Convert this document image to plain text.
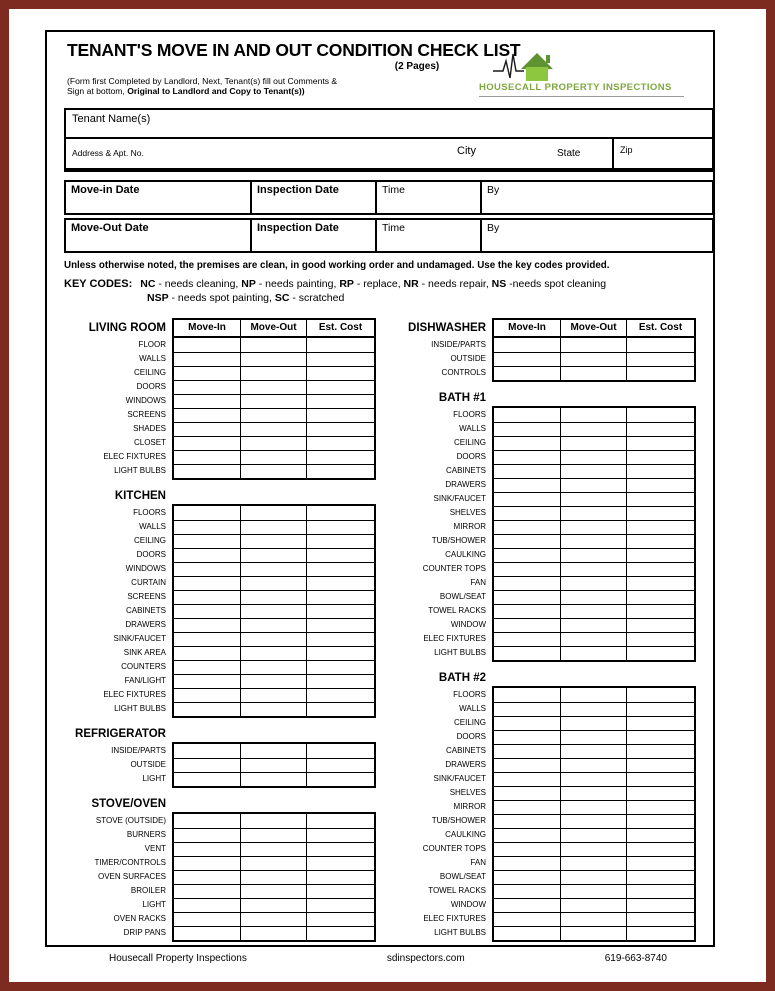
TENANT'S MOVE IN AND OUT CONDITION CHECK LIST
(2 Pages)
(Form first Completed by Landlord, Next, Tenant(s) fill out Comments &
Sign at bottom, Original to Landlord and Copy to Tenant(s))	HOUSECALL PROPERTY INSPECTIONS
Tenant Name(s)
Address & Apt. No.	City	State	Zip
Move-in Date	Inspection Date	Time	By
Move-Out Date	Inspection Date	Time	By
Unless otherwise noted, the premises are clean, in good working order and undamaged. Use the key codes provided.
KEY CODES: NC - needs cleaning, NP - needs painting, RP - replace, NR - needs repair, NS -needs spot cleaning
NSP - needs spot painting, SC - scratched
LIVING ROOM
FLOOR
WALLS
CEILING
DOORS
WINDOWS
SCREENS
SHADES
CLOSET
ELEC FIXTURES
LIGHT BULBS
Move-In	Move-Out	Est. Cost
KITCHEN
FLOORS
WALLS
CEILING
DOORS
WINDOWS
CURTAIN
SCREENS
CABINETS
DRAWERS
SINK/FAUCET
SINK AREA
COUNTERS
FAN/LIGHT
ELEC FIXTURES
LIGHT BULBS
REFRIGERATOR
INSIDE/PARTS
OUTSIDE
LIGHT
STOVE/OVEN
STOVE (OUTSIDE)
BURNERS
VENT
TIMER/CONTROLS
OVEN SURFACES
BROILER
LIGHT
OVEN RACKS
DRIP PANS
DISHWASHER
INSIDE/PARTS
OUTSIDE
CONTROLS
Move-In	Move-Out	Est. Cost
BATH #1
FLOORS
WALLS
CEILING
DOORS
CABINETS
DRAWERS
SINK/FAUCET
SHELVES
MIRROR
TUB/SHOWER
CAULKING
COUNTER TOPS
FAN
BOWL/SEAT
TOWEL RACKS
WINDOW
ELEC FIXTURES
LIGHT BULBS
BATH #2
FLOORS
WALLS
CEILING
DOORS
CABINETS
DRAWERS
SINK/FAUCET
SHELVES
MIRROR
TUB/SHOWER
CAULKING
COUNTER TOPS
FAN
BOWL/SEAT
TOWEL RACKS
WINDOW
ELEC FIXTURES
LIGHT BULBS
Housecall Property Inspections	sdinspectors.com	619-663-8740
